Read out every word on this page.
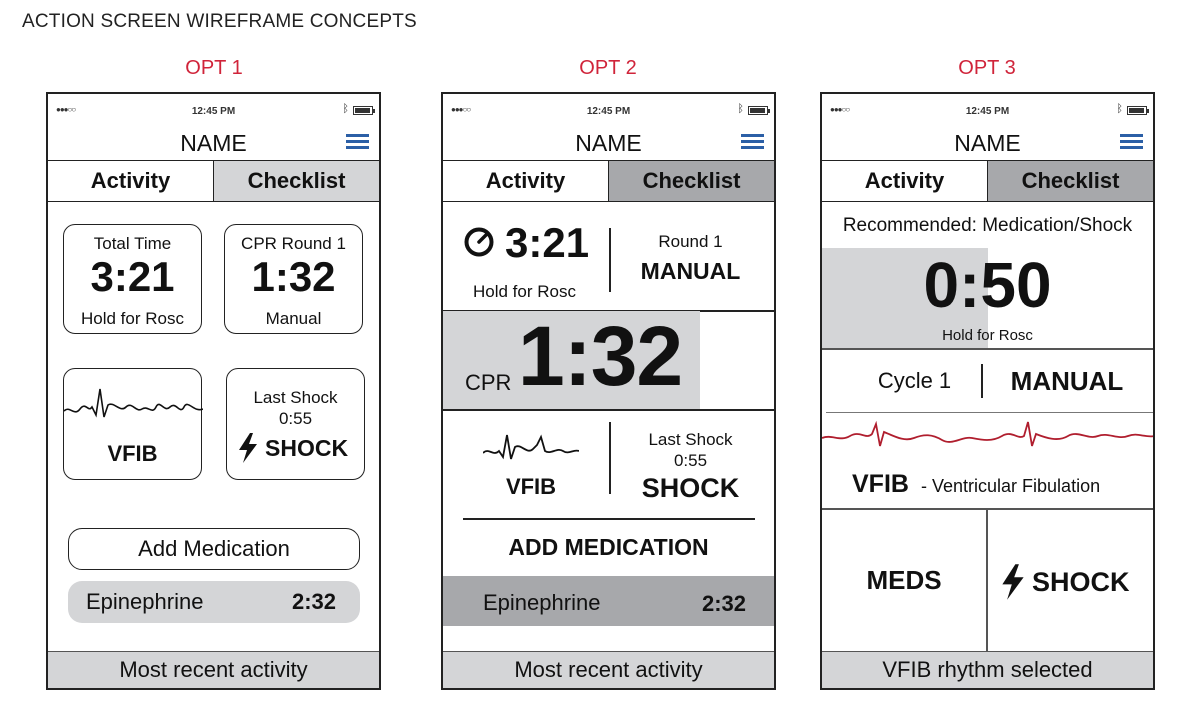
ACTION SCREEN WIREFRAME CONCEPTS
OPT 1	OPT 2	OPT 3
●●●○○	12:45 PM	ᛒ
NAME
Activity	Checklist
Total Time
3:21
Hold for Rosc
CPR Round 1
1:32
Manual
VFIB
Last Shock
0:55
SHOCK
Add Medication
Epinephrine	2:32
Most recent activity
●●●○○	12:45 PM	ᛒ
NAME
Activity	Checklist
3:21
Hold for Rosc
Round 1
MANUAL
CPR 1:32
VFIB
Last Shock
0:55
SHOCK
ADD MEDICATION
Epinephrine	2:32
Most recent activity
●●●○○	12:45 PM	ᛒ
NAME
Activity	Checklist
Recommended: Medication/Shock
0:50
Hold for Rosc
Cycle 1	MANUAL
VFIB - Ventricular Fibulation
MEDS	SHOCK
VFIB rhythm selected
